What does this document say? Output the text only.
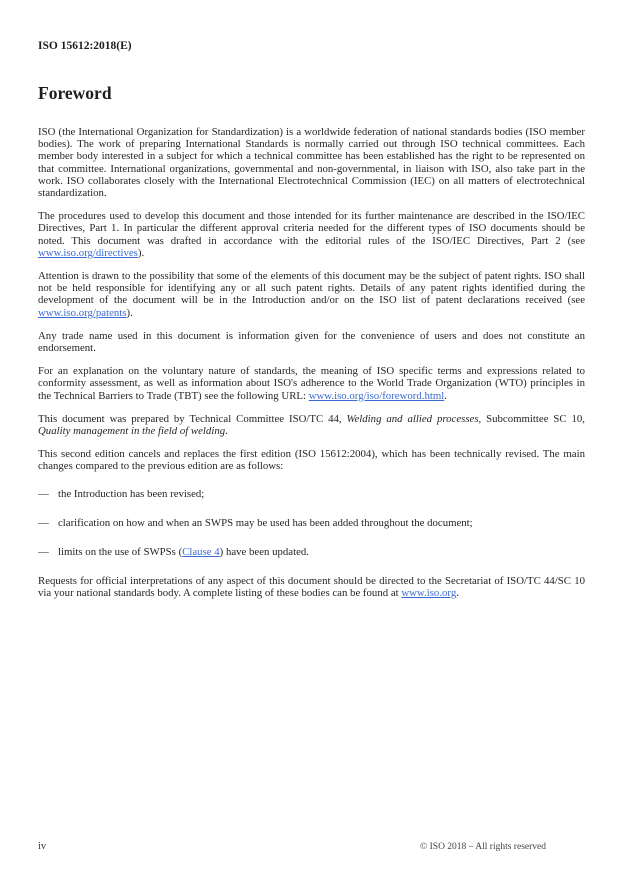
ISO 15612:2018(E)
Foreword

ISO (the International Organization for Standardization) is a worldwide federation of national standards bodies (ISO member bodies). The work of preparing International Standards is normally carried out through ISO technical committees. Each member body interested in a subject for which a technical committee has been established has the right to be represented on that committee. International organizations, governmental and non-governmental, in liaison with ISO, also take part in the work. ISO collaborates closely with the International Electrotechnical Commission (IEC) on all matters of electrotechnical standardization.

The procedures used to develop this document and those intended for its further maintenance are described in the ISO/IEC Directives, Part 1. In particular the different approval criteria needed for the different types of ISO documents should be noted. This document was drafted in accordance with the editorial rules of the ISO/IEC Directives, Part 2 (see www.iso.org/directives).

Attention is drawn to the possibility that some of the elements of this document may be the subject of patent rights. ISO shall not be held responsible for identifying any or all such patent rights. Details of any patent rights identified during the development of the document will be in the Introduction and/or on the ISO list of patent declarations received (see www.iso.org/patents).

Any trade name used in this document is information given for the convenience of users and does not constitute an endorsement.

For an explanation on the voluntary nature of standards, the meaning of ISO specific terms and expressions related to conformity assessment, as well as information about ISO's adherence to the World Trade Organization (WTO) principles in the Technical Barriers to Trade (TBT) see the following URL: www.iso.org/iso/foreword.html.

This document was prepared by Technical Committee ISO/TC 44, Welding and allied processes, Subcommittee SC 10, Quality management in the field of welding.

This second edition cancels and replaces the first edition (ISO 15612:2004), which has been technically revised. The main changes compared to the previous edition are as follows:

— the Introduction has been revised;
— clarification on how and when an SWPS may be used has been added throughout the document;
— limits on the use of SWPSs (Clause 4) have been updated.

Requests for official interpretations of any aspect of this document should be directed to the Secretariat of ISO/TC 44/SC 10 via your national standards body. A complete listing of these bodies can be found at www.iso.org.

iv	© ISO 2018 – All rights reserved
